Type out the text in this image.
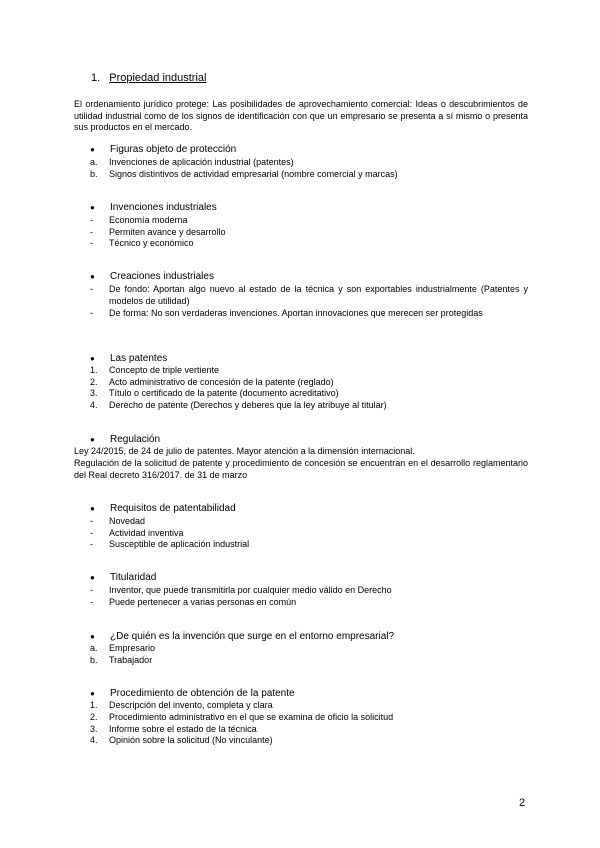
1. Propiedad industrial
El ordenamiento jurídico protege: Las posibilidades de aprovechamiento comercial: Ideas o descubrimientos de utilidad industrial como de los signos de identificación con que un empresario se presenta a sí mismo o presenta sus productos en el mercado.
● Figuras objeto de protección
a. Invenciones de aplicación industrial (patentes)
b. Signos distintivos de actividad empresarial (nombre comercial y marcas)
● Invenciones industriales
- Economía moderna
- Permiten avance y desarrollo
- Técnico y económico
● Creaciones industriales
- De fondo: Aportan algo nuevo al estado de la técnica y son exportables industrialmente (Patentes y modelos de utilidad)
- De forma: No son verdaderas invenciones. Aportan innovaciones que merecen ser protegidas
● Las patentes
1. Concepto de triple vertiente
2. Acto administrativo de concesión de la patente (reglado)
3. Título o certificado de la patente (documento acreditativo)
4. Derecho de patente (Derechos y deberes que la ley atribuye al titular)
● Regulación
Ley 24/2015, de 24 de julio de patentes. Mayor atención a la dimensión internacional.
Regulación de la solicitud de patente y procedimiento de concesión se encuentran en el desarrollo reglamentario del Real decreto 316/2017. de 31 de marzo
● Requisitos de patentabilidad
- Novedad
- Actividad inventiva
- Susceptible de aplicación industrial
● Titularidad
- Inventor, que puede transmitirla por cualquier medio válido en Derecho
- Puede pertenecer a varias personas en común
● ¿De quién es la invención que surge en el entorno empresarial?
a. Empresario
b. Trabajador
● Procedimiento de obtención de la patente
1. Descripción del invento, completa y clara
2. Procedimiento administrativo en el que se examina de oficio la solicitud
3. Informe sobre el estado de la técnica
4. Opinión sobre la solicitud (No vinculante)
2
